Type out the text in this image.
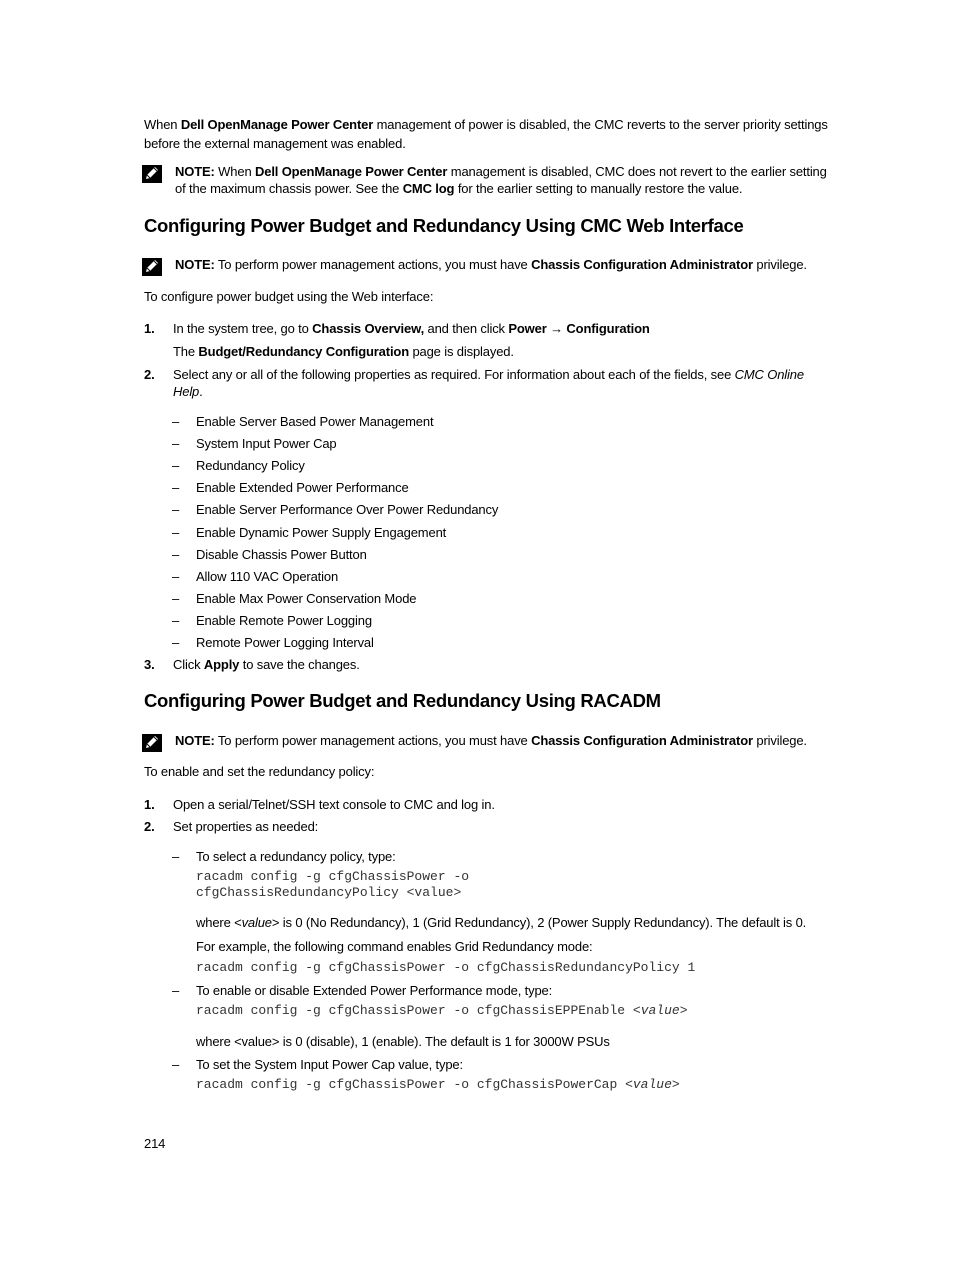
When Dell OpenManage Power Center management of power is disabled, the CMC reverts to the server priority settings
before the external management was enabled.
NOTE: When Dell OpenManage Power Center management is disabled, CMC does not revert to the earlier setting
of the maximum chassis power. See the CMC log for the earlier setting to manually restore the value.
Configuring Power Budget and Redundancy Using CMC Web Interface
NOTE: To perform power management actions, you must have Chassis Configuration Administrator privilege.
To configure power budget using the Web interface:
1. In the system tree, go to Chassis Overview, and then click Power → Configuration
The Budget/Redundancy Configuration page is displayed.
2. Select any or all of the following properties as required. For information about each of the fields, see CMC Online
Help.
– Enable Server Based Power Management
– System Input Power Cap
– Redundancy Policy
– Enable Extended Power Performance
– Enable Server Performance Over Power Redundancy
– Enable Dynamic Power Supply Engagement
– Disable Chassis Power Button
– Allow 110 VAC Operation
– Enable Max Power Conservation Mode
– Enable Remote Power Logging
– Remote Power Logging Interval
3. Click Apply to save the changes.
Configuring Power Budget and Redundancy Using RACADM
NOTE: To perform power management actions, you must have Chassis Configuration Administrator privilege.
To enable and set the redundancy policy:
1. Open a serial/Telnet/SSH text console to CMC and log in.
2. Set properties as needed:
– To select a redundancy policy, type:
racadm config -g cfgChassisPower -o
cfgChassisRedundancyPolicy <value>
where <value> is 0 (No Redundancy), 1 (Grid Redundancy), 2 (Power Supply Redundancy). The default is 0.
For example, the following command enables Grid Redundancy mode:
racadm config -g cfgChassisPower -o cfgChassisRedundancyPolicy 1
– To enable or disable Extended Power Performance mode, type:
racadm config -g cfgChassisPower -o cfgChassisEPPEnable <value>
where <value> is 0 (disable), 1 (enable). The default is 1 for 3000W PSUs
– To set the System Input Power Cap value, type:
racadm config -g cfgChassisPower -o cfgChassisPowerCap <value>
214
